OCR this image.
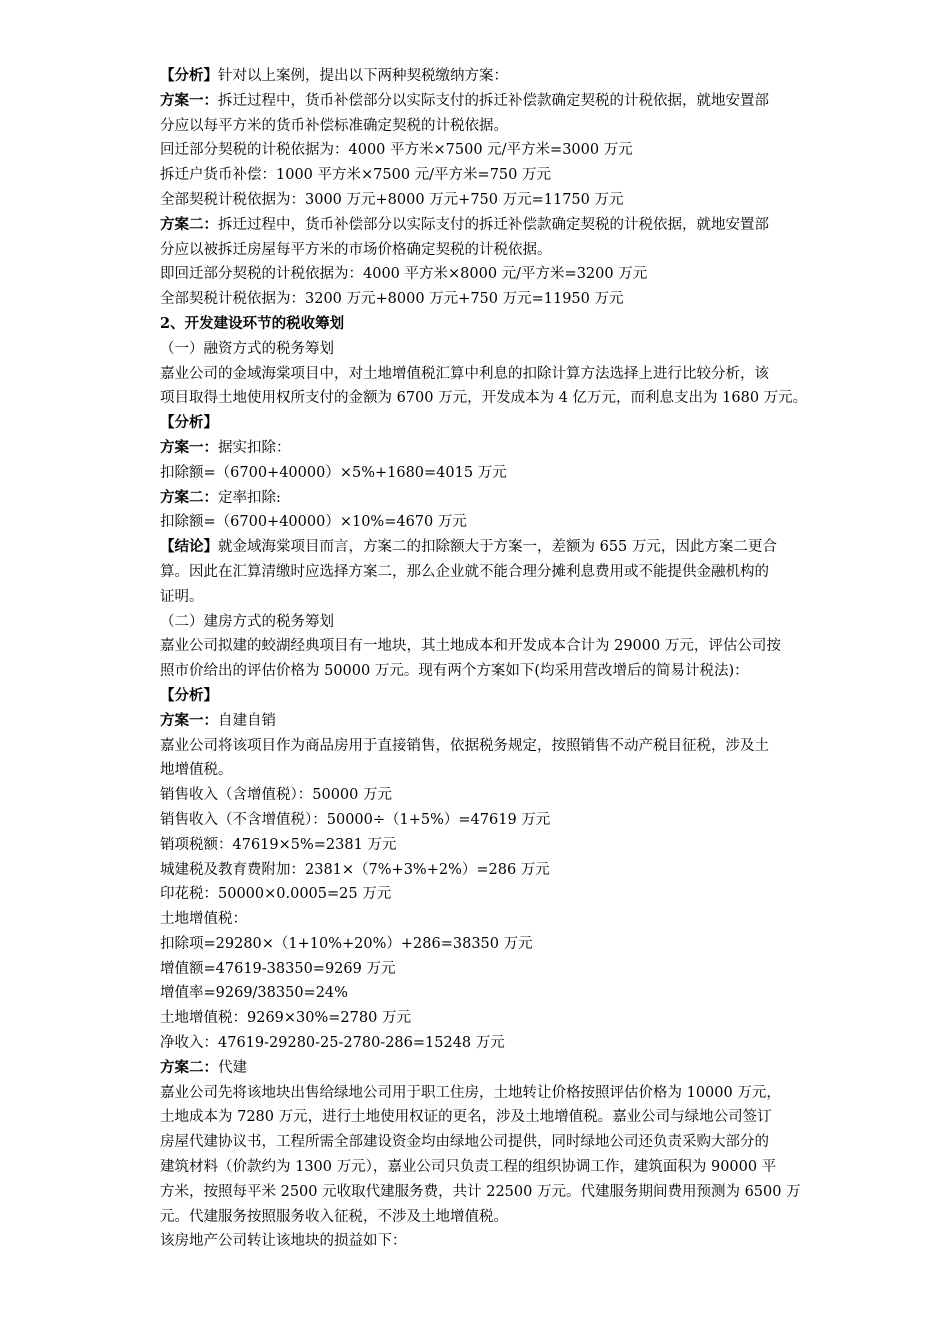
【分析】针对以上案例，提出以下两种契税缴纳方案：
方案一：拆迁过程中，货币补偿部分以实际支付的拆迁补偿款确定契税的计税依据，就地安置部
分应以每平方米的货币补偿标准确定契税的计税依据。
回迁部分契税的计税依据为：4000 平方米×7500 元/平方米=3000 万元
拆迁户货币补偿：1000 平方米×7500 元/平方米=750 万元
全部契税计税依据为：3000 万元+8000 万元+750 万元=11750 万元
方案二：拆迁过程中，货币补偿部分以实际支付的拆迁补偿款确定契税的计税依据，就地安置部
分应以被拆迁房屋每平方米的市场价格确定契税的计税依据。
即回迁部分契税的计税依据为：4000 平方米×8000 元/平方米=3200 万元
全部契税计税依据为：3200 万元+8000 万元+750 万元=11950 万元
2、开发建设环节的税收筹划
（一）融资方式的税务筹划
嘉业公司的金域海棠项目中，对土地增值税汇算中利息的扣除计算方法选择上进行比较分析，该
项目取得土地使用权所支付的金额为 6700 万元，开发成本为 4 亿万元，而利息支出为 1680 万元。
【分析】
方案一：据实扣除：
扣除额=（6700+40000）×5%+1680=4015 万元
方案二：定率扣除:
扣除额=（6700+40000）×10%=4670 万元
【结论】就金域海棠项目而言，方案二的扣除额大于方案一，差额为 655 万元，因此方案二更合
算。因此在汇算清缴时应选择方案二，那么企业就不能合理分摊利息费用或不能提供金融机构的
证明。
（二）建房方式的税务筹划
嘉业公司拟建的蛟湖经典项目有一地块，其土地成本和开发成本合计为 29000 万元，评估公司按
照市价给出的评估价格为 50000 万元。现有两个方案如下(均采用营改增后的简易计税法)：
【分析】
方案一：自建自销
嘉业公司将该项目作为商品房用于直接销售，依据税务规定，按照销售不动产税目征税，涉及土
地增值税。
销售收入（含增值税）：50000 万元
销售收入（不含增值税）：50000÷（1+5%）=47619 万元
销项税额：47619×5%=2381 万元
城建税及教育费附加：2381×（7%+3%+2%）=286 万元
印花税：50000×0.0005=25 万元
土地增值税：
扣除项=29280×（1+10%+20%）+286=38350 万元
增值额=47619-38350=9269 万元
增值率=9269/38350=24%
土地增值税：9269×30%=2780 万元
净收入：47619-29280-25-2780-286=15248 万元
方案二：代建
嘉业公司先将该地块出售给绿地公司用于职工住房，土地转让价格按照评估价格为 10000 万元，
土地成本为 7280 万元，进行土地使用权证的更名，涉及土地增值税。嘉业公司与绿地公司签订
房屋代建协议书，工程所需全部建设资金均由绿地公司提供，同时绿地公司还负责采购大部分的
建筑材料（价款约为 1300 万元），嘉业公司只负责工程的组织协调工作，建筑面积为 90000 平
方米，按照每平米 2500 元收取代建服务费，共计 22500 万元。代建服务期间费用预测为 6500 万
元。代建服务按照服务收入征税，不涉及土地增值税。
该房地产公司转让该地块的损益如下：
